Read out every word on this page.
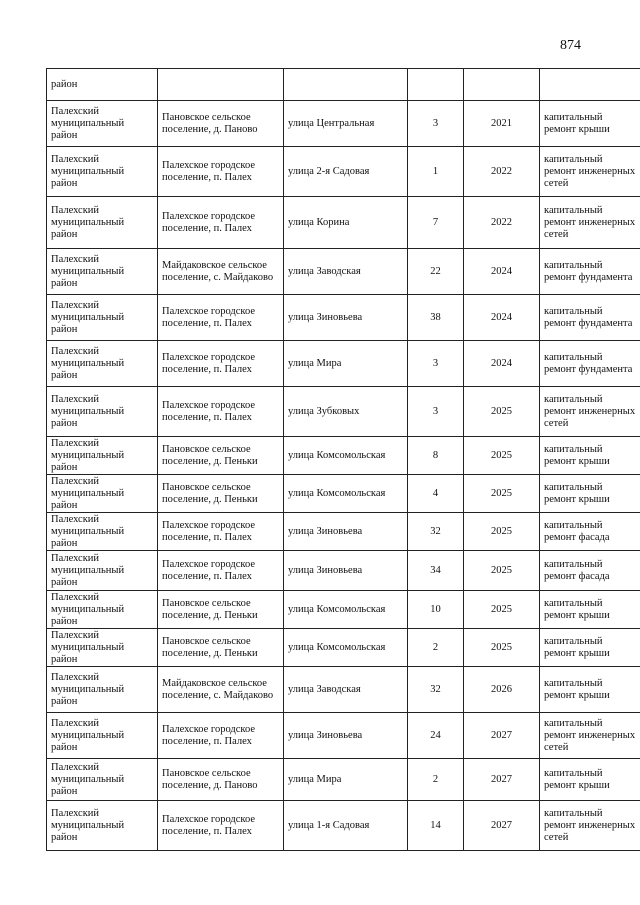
874
район					
Палехский муниципальный район	Пановское сельское поселение, д. Паново	улица Центральная	3	2021	капитальный ремонт крыши
Палехский муниципальный район	Палехское городское поселение, п. Палех	улица 2-я Садовая	1	2022	капитальный ремонт инженерных сетей
Палехский муниципальный район	Палехское городское поселение, п. Палех	улица Корина	7	2022	капитальный ремонт инженерных сетей
Палехский муниципальный район	Майдаковское сельское поселение, с. Майдаково	улица Заводская	22	2024	капитальный ремонт фундамента
Палехский муниципальный район	Палехское городское поселение, п. Палех	улица Зиновьева	38	2024	капитальный ремонт фундамента
Палехский муниципальный район	Палехское городское поселение, п. Палех	улица Мира	3	2024	капитальный ремонт фундамента
Палехский муниципальный район	Палехское городское поселение, п. Палех	улица Зубковых	3	2025	капитальный ремонт инженерных сетей
Палехский муниципальный район	Пановское сельское поселение, д. Пеньки	улица Комсомольская	8	2025	капитальный ремонт крыши
Палехский муниципальный район	Пановское сельское поселение, д. Пеньки	улица Комсомольская	4	2025	капитальный ремонт крыши
Палехский муниципальный район	Палехское городское поселение, п. Палех	улица Зиновьева	32	2025	капитальный ремонт фасада
Палехский муниципальный район	Палехское городское поселение, п. Палех	улица Зиновьева	34	2025	капитальный ремонт фасада
Палехский муниципальный район	Пановское сельское поселение, д. Пеньки	улица Комсомольская	10	2025	капитальный ремонт крыши
Палехский муниципальный район	Пановское сельское поселение, д. Пеньки	улица Комсомольская	2	2025	капитальный ремонт крыши
Палехский муниципальный район	Майдаковское сельское поселение, с. Майдаково	улица Заводская	32	2026	капитальный ремонт крыши
Палехский муниципальный район	Палехское городское поселение, п. Палех	улица Зиновьева	24	2027	капитальный ремонт инженерных сетей
Палехский муниципальный район	Пановское сельское поселение, д. Паново	улица Мира	2	2027	капитальный ремонт крыши
Палехский муниципальный район	Палехское городское поселение, п. Палех	улица 1-я Садовая	14	2027	капитальный ремонт инженерных сетей
